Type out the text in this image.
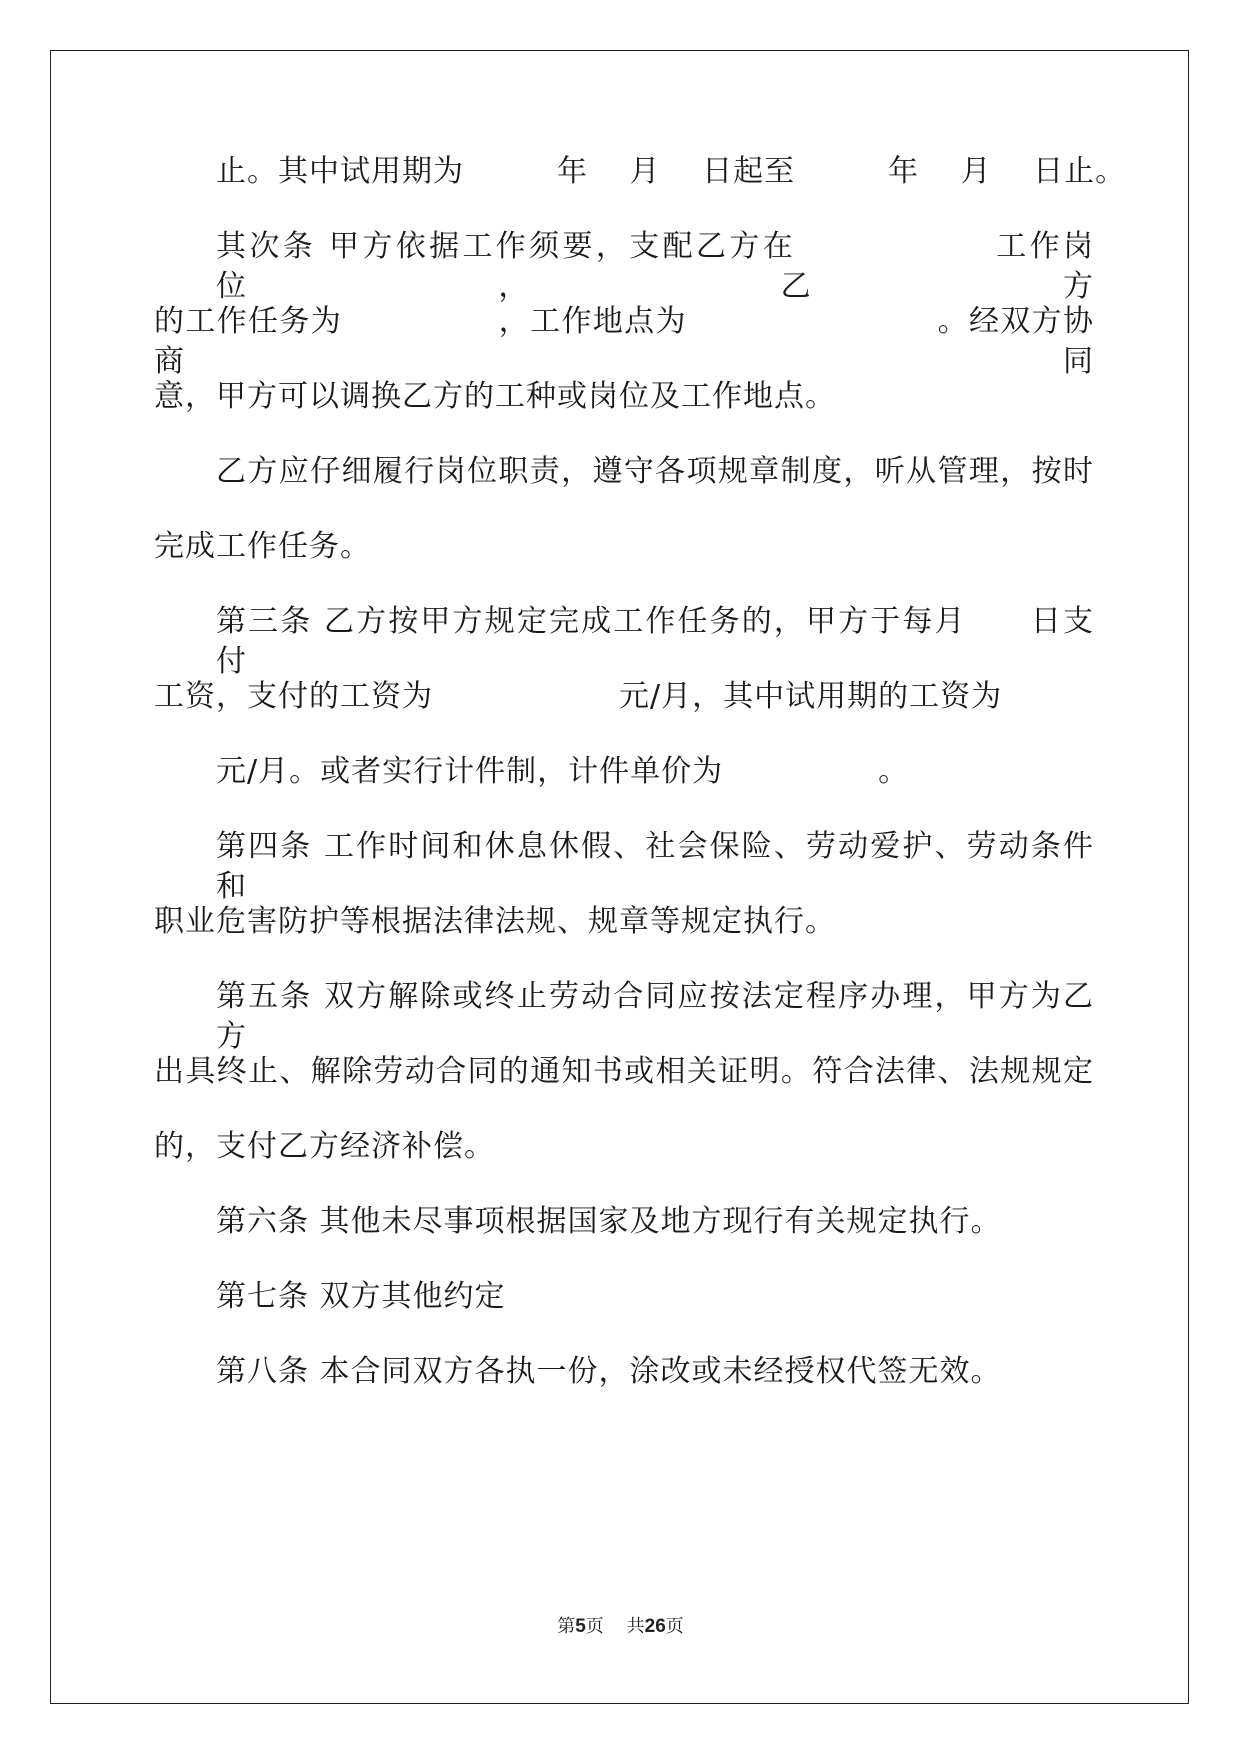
止。其中试用期为　　　年　 月　 日起至　　　年　 月　 日止。

其次条 甲方依据工作须要，支配乙方在　　　　　　工作岗位，乙方

的工作任务为　　　　　，工作地点为　　　　　　　　。经双方协商同

意，甲方可以调换乙方的工种或岗位及工作地点。

乙方应仔细履行岗位职责，遵守各项规章制度，听从管理，按时

完成工作任务。

第三条 乙方按甲方规定完成工作任务的，甲方于每月　　日支付

工资，支付的工资为　　　　　　元/月，其中试用期的工资为

元/月。或者实行计件制，计件单价为　　　　　。

第四条 工作时间和休息休假、社会保险、劳动爱护、劳动条件和

职业危害防护等根据法律法规、规章等规定执行。

第五条 双方解除或终止劳动合同应按法定程序办理，甲方为乙方

出具终止、解除劳动合同的通知书或相关证明。符合法律、法规规定

的，支付乙方经济补偿。

第六条 其他未尽事项根据国家及地方现行有关规定执行。

第七条 双方其他约定

第八条 本合同双方各执一份，涂改或未经授权代签无效。

第5页 共26页
